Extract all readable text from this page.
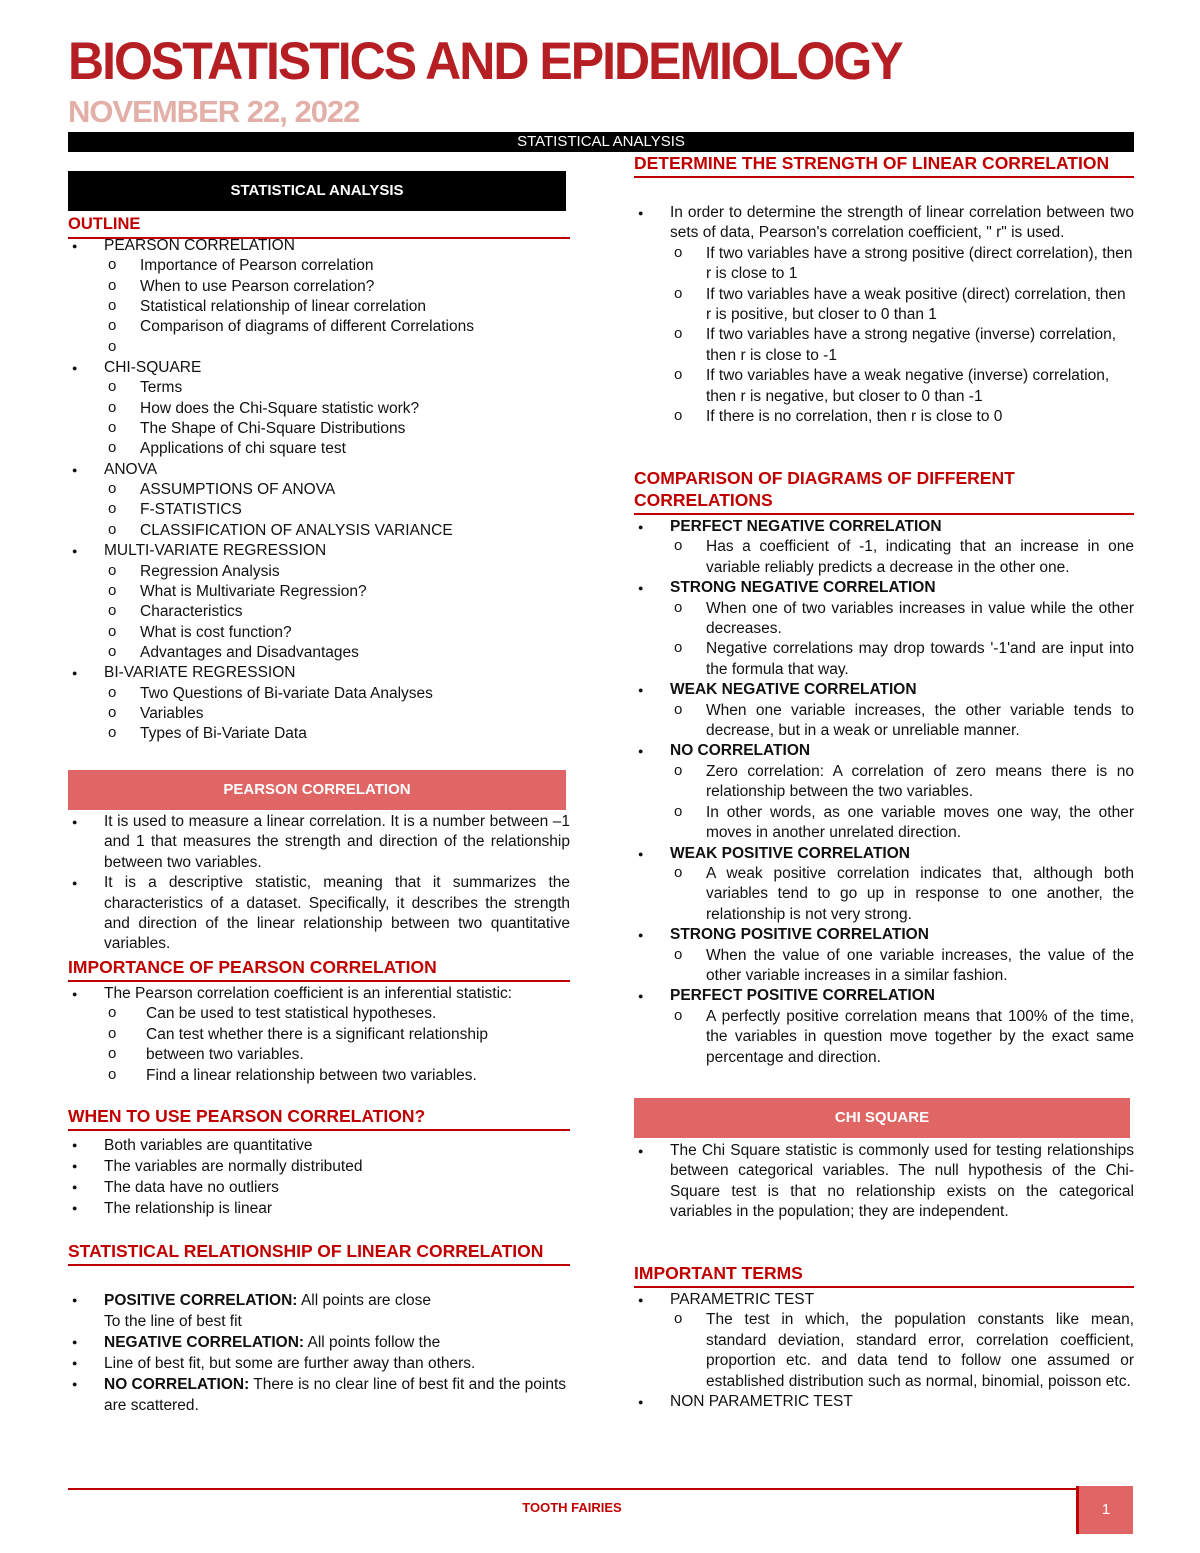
BIOSTATISTICS AND EPIDEMIOLOGY
NOVEMBER 22, 2022
STATISTICAL ANALYSIS
STATISTICAL ANALYSIS
OUTLINE
● PEARSON CORRELATION
o Importance of Pearson correlation
o When to use Pearson correlation?
o Statistical relationship of linear correlation
o Comparison of diagrams of different Correlations
o
● CHI-SQUARE
o Terms
o How does the Chi-Square statistic work?
o The Shape of Chi-Square Distributions
o Applications of chi square test
● ANOVA
o ASSUMPTIONS OF ANOVA
o F-STATISTICS
o CLASSIFICATION OF ANALYSIS VARIANCE
● MULTI-VARIATE REGRESSION
o Regression Analysis
o What is Multivariate Regression?
o Characteristics
o What is cost function?
o Advantages and Disadvantages
● BI-VARIATE REGRESSION
o Two Questions of Bi-variate Data Analyses
o Variables
o Types of Bi-Variate Data
PEARSON CORRELATION
● It is used to measure a linear correlation. It is a number between –1 and 1 that measures the strength and direction of the relationship between two variables.
● It is a descriptive statistic, meaning that it summarizes the characteristics of a dataset. Specifically, it describes the strength and direction of the linear relationship between two quantitative variables.
IMPORTANCE OF PEARSON CORRELATION
● The Pearson correlation coefficient is an inferential statistic:
o Can be used to test statistical hypotheses.
o Can test whether there is a significant relationship
o between two variables.
o Find a linear relationship between two variables.
WHEN TO USE PEARSON CORRELATION?
● Both variables are quantitative
● The variables are normally distributed
● The data have no outliers
● The relationship is linear
STATISTICAL RELATIONSHIP OF LINEAR CORRELATION
● POSITIVE CORRELATION: All points are close
To the line of best fit
● NEGATIVE CORRELATION: All points follow the
● Line of best fit, but some are further away than others.
● NO CORRELATION: There is no clear line of best fit and the points are scattered.
DETERMINE THE STRENGTH OF LINEAR CORRELATION
● In order to determine the strength of linear correlation between two sets of data, Pearson's correlation coefficient, " r" is used.
o If two variables have a strong positive (direct correlation), then r is close to 1
o If two variables have a weak positive (direct) correlation, then r is positive, but closer to 0 than 1
o If two variables have a strong negative (inverse) correlation, then r is close to -1
o If two variables have a weak negative (inverse) correlation, then r is negative, but closer to 0 than -1
o If there is no correlation, then r is close to 0
COMPARISON OF DIAGRAMS OF DIFFERENT CORRELATIONS
● PERFECT NEGATIVE CORRELATION
o Has a coefficient of -1, indicating that an increase in one variable reliably predicts a decrease in the other one.
● STRONG NEGATIVE CORRELATION
o When one of two variables increases in value while the other decreases.
o Negative correlations may drop towards '-1'and are input into the formula that way.
● WEAK NEGATIVE CORRELATION
o When one variable increases, the other variable tends to decrease, but in a weak or unreliable manner.
● NO CORRELATION
o Zero correlation: A correlation of zero means there is no relationship between the two variables.
o In other words, as one variable moves one way, the other moves in another unrelated direction.
● WEAK POSITIVE CORRELATION
o A weak positive correlation indicates that, although both variables tend to go up in response to one another, the relationship is not very strong.
● STRONG POSITIVE CORRELATION
o When the value of one variable increases, the value of the other variable increases in a similar fashion.
● PERFECT POSITIVE CORRELATION
o A perfectly positive correlation means that 100% of the time, the variables in question move together by the exact same percentage and direction.
CHI SQUARE
● The Chi Square statistic is commonly used for testing relationships between categorical variables. The null hypothesis of the Chi-Square test is that no relationship exists on the categorical variables in the population; they are independent.
IMPORTANT TERMS
● PARAMETRIC TEST
o The test in which, the population constants like mean, standard deviation, standard error, correlation coefficient, proportion etc. and data tend to follow one assumed or established distribution such as normal, binomial, poisson etc.
● NON PARAMETRIC TEST
TOOTH FAIRIES	1
